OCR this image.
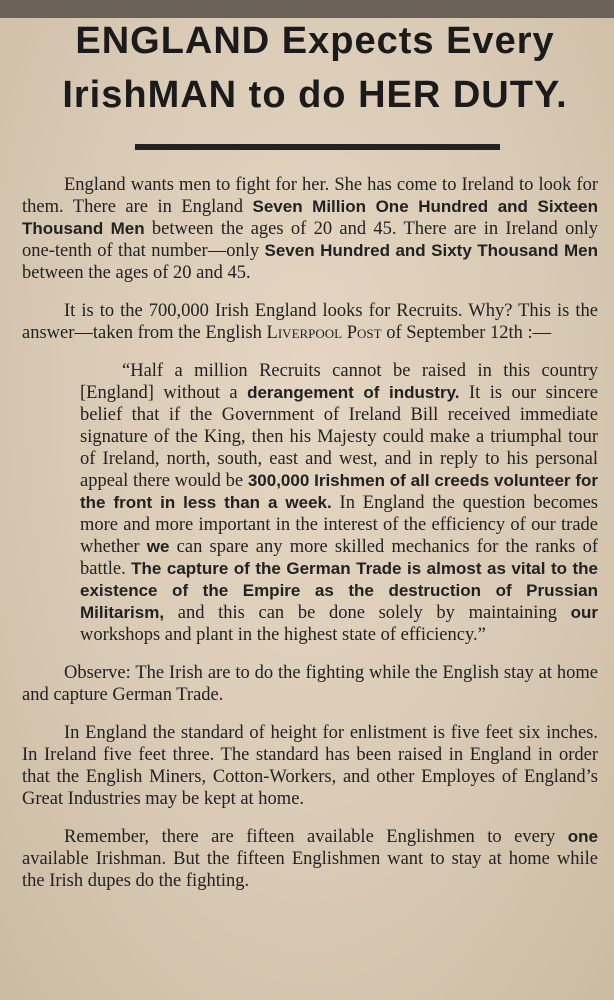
ENGLAND Expects Every
IrishMAN to do HER DUTY.

England wants men to fight for her. She has come to Ireland to look for them. There are in England Seven Million One Hundred and Sixteen Thousand Men between the ages of 20 and 45. There are in Ireland only one-tenth of that number—only Seven Hundred and Sixty Thousand Men between the ages of 20 and 45.

It is to the 700,000 Irish England looks for Recruits. Why? This is the answer—taken from the English Liverpool Post of September 12th :—

“Half a million Recruits cannot be raised in this country [England] without a derangement of industry. It is our sincere belief that if the Government of Ireland Bill received immediate signature of the King, then his Majesty could make a triumphal tour of Ireland, north, south, east and west, and in reply to his personal appeal there would be 300,000 Irishmen of all creeds volunteer for the front in less than a week. In England the question becomes more and more important in the interest of the efficiency of our trade whether we can spare any more skilled mechanics for the ranks of battle. The capture of the German Trade is almost as vital to the existence of the Empire as the destruction of Prussian Militarism, and this can be done solely by maintaining our workshops and plant in the highest state of efficiency.”

Observe: The Irish are to do the fighting while the English stay at home and capture German Trade.

In England the standard of height for enlistment is five feet six inches. In Ireland five feet three. The standard has been raised in England in order that the English Miners, Cotton-Workers, and other Employes of England’s Great Industries may be kept at home.

Remember, there are fifteen available Englishmen to every one available Irishman. But the fifteen Englishmen want to stay at home while the Irish dupes do the fighting.
